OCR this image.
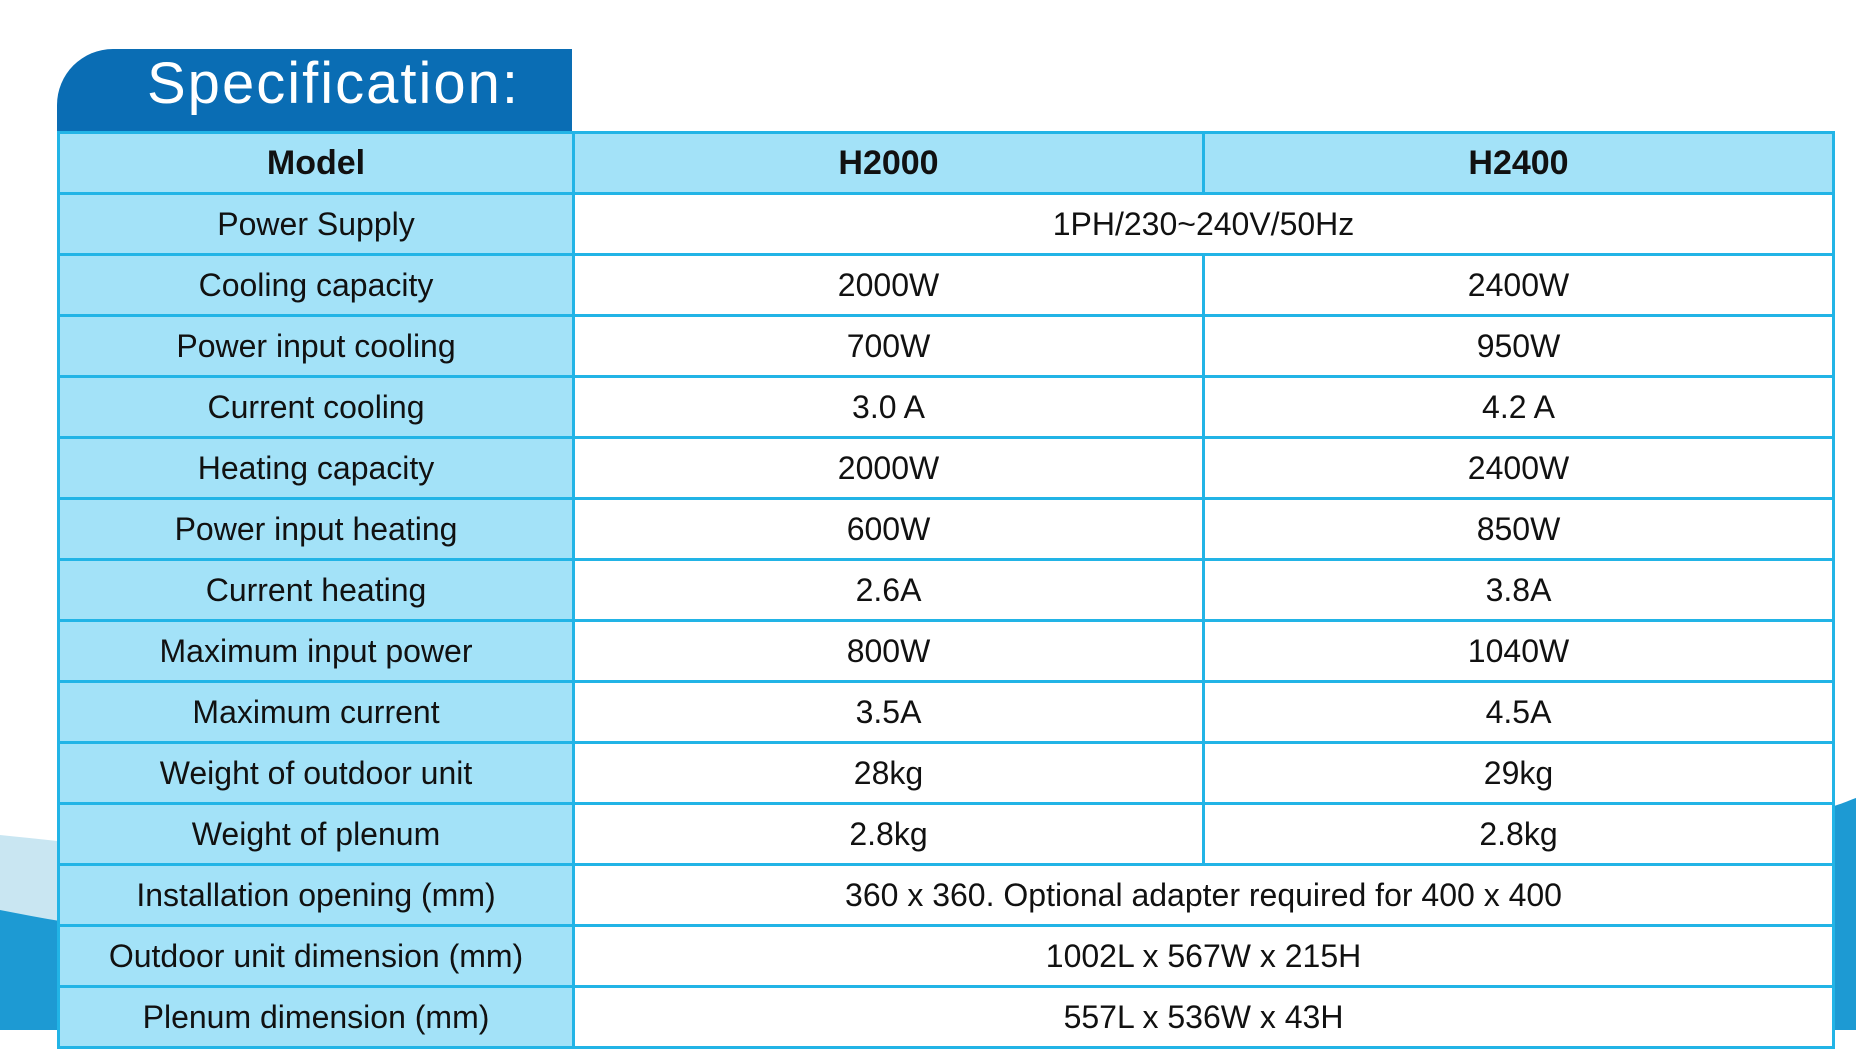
Specification:
Model	H2000	H2400
Power Supply	1PH/230~240V/50Hz	
Cooling capacity	2000W	2400W
Power input cooling	700W	950W
Current cooling	3.0 A	4.2 A
Heating capacity	2000W	2400W
Power input heating	600W	850W
Current heating	2.6A	3.8A
Maximum input power	800W	1040W
Maximum current	3.5A	4.5A
Weight of outdoor unit	28kg	29kg
Weight of plenum	2.8kg	2.8kg
Installation opening (mm)	360 x 360. Optional adapter required for 400 x 400	
Outdoor unit dimension (mm)	1002L x 567W x 215H	
Plenum dimension (mm)	557L x 536W x 43H	
